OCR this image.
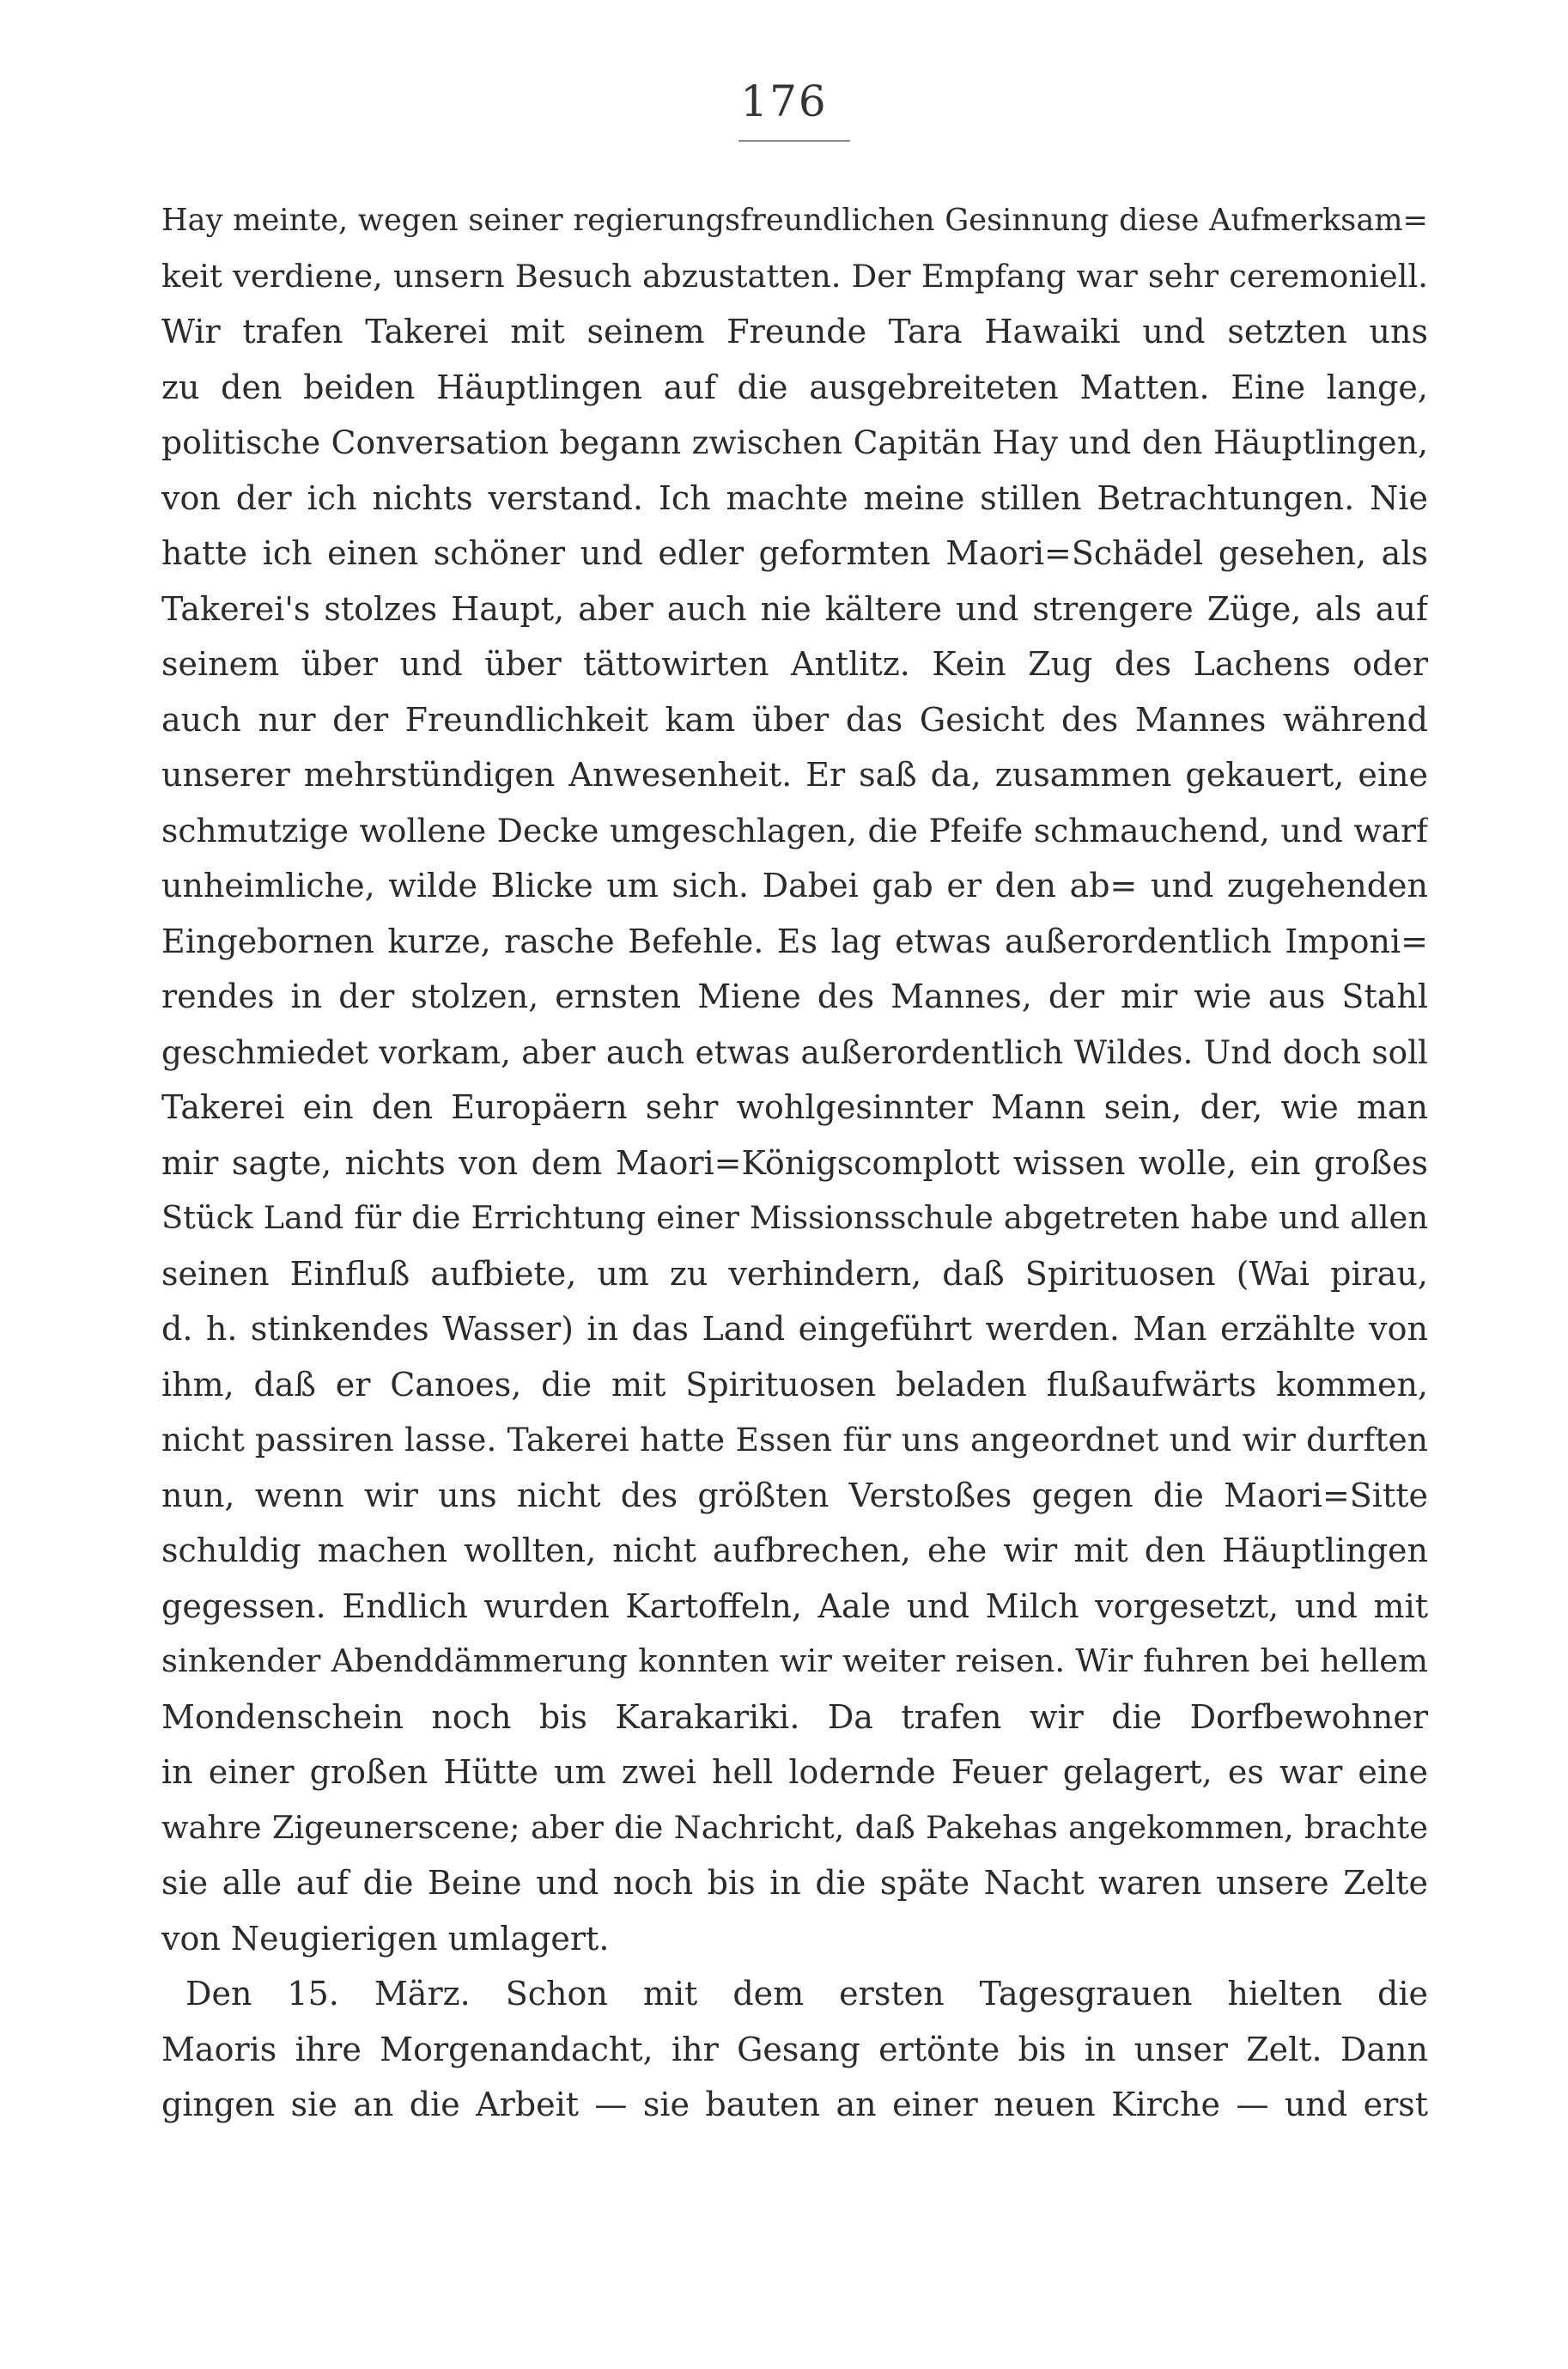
176
Hay meinte, wegen seiner regierungsfreundlichen Gesinnung diese Aufmerksam=
keit verdiene, unsern Besuch abzustatten. Der Empfang war sehr ceremoniell.
Wir trafen Takerei mit seinem Freunde Tara Hawaiki und setzten uns
zu den beiden Häuptlingen auf die ausgebreiteten Matten. Eine lange,
politische Conversation begann zwischen Capitän Hay und den Häuptlingen,
von der ich nichts verstand. Ich machte meine stillen Betrachtungen. Nie
hatte ich einen schöner und edler geformten Maori=Schädel gesehen, als
Takerei's stolzes Haupt, aber auch nie kältere und strengere Züge, als auf
seinem über und über tättowirten Antlitz. Kein Zug des Lachens oder
auch nur der Freundlichkeit kam über das Gesicht des Mannes während
unserer mehrstündigen Anwesenheit. Er saß da, zusammen gekauert, eine
schmutzige wollene Decke umgeschlagen, die Pfeife schmauchend, und warf
unheimliche, wilde Blicke um sich. Dabei gab er den ab= und zugehenden
Eingebornen kurze, rasche Befehle. Es lag etwas außerordentlich Imponi=
rendes in der stolzen, ernsten Miene des Mannes, der mir wie aus Stahl
geschmiedet vorkam, aber auch etwas außerordentlich Wildes. Und doch soll
Takerei ein den Europäern sehr wohlgesinnter Mann sein, der, wie man
mir sagte, nichts von dem Maori=Königscomplott wissen wolle, ein großes
Stück Land für die Errichtung einer Missionsschule abgetreten habe und allen
seinen Einfluß aufbiete, um zu verhindern, daß Spirituosen (Wai pirau,
d. h. stinkendes Wasser) in das Land eingeführt werden. Man erzählte von
ihm, daß er Canoes, die mit Spirituosen beladen flußaufwärts kommen,
nicht passiren lasse. Takerei hatte Essen für uns angeordnet und wir durften
nun, wenn wir uns nicht des größten Verstoßes gegen die Maori=Sitte
schuldig machen wollten, nicht aufbrechen, ehe wir mit den Häuptlingen
gegessen. Endlich wurden Kartoffeln, Aale und Milch vorgesetzt, und mit
sinkender Abenddämmerung konnten wir weiter reisen. Wir fuhren bei hellem
Mondenschein noch bis Karakariki. Da trafen wir die Dorfbewohner
in einer großen Hütte um zwei hell lodernde Feuer gelagert, es war eine
wahre Zigeunerscene; aber die Nachricht, daß Pakehas angekommen, brachte
sie alle auf die Beine und noch bis in die späte Nacht waren unsere Zelte
von Neugierigen umlagert.
Den 15. März. Schon mit dem ersten Tagesgrauen hielten die
Maoris ihre Morgenandacht, ihr Gesang ertönte bis in unser Zelt. Dann
gingen sie an die Arbeit — sie bauten an einer neuen Kirche — und erst
